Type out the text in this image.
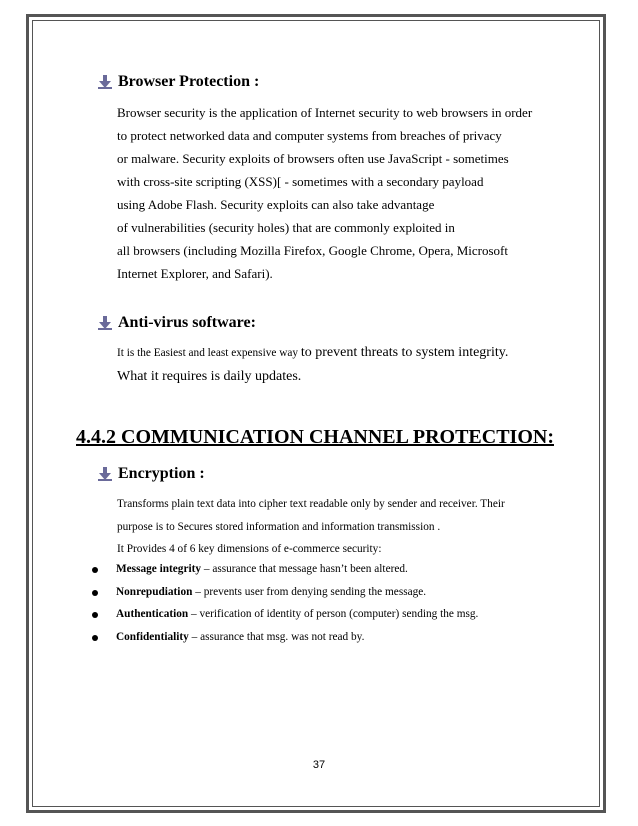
Browser Protection :
Browser security is the application of Internet security to web browsers in order
to protect networked data and computer systems from breaches of privacy
or malware. Security exploits of browsers often use JavaScript - sometimes
with cross-site scripting (XSS)[ - sometimes with a secondary payload
using Adobe Flash. Security exploits can also take advantage
of vulnerabilities (security holes) that are commonly exploited in
all browsers (including Mozilla Firefox, Google Chrome, Opera, Microsoft
Internet Explorer, and Safari).
Anti-virus software:
It is the Easiest and least expensive way to prevent threats to system integrity.
What it requires is daily updates.
4.4.2 COMMUNICATION CHANNEL PROTECTION:
Encryption :
Transforms plain text data into cipher text readable only by sender and receiver. Their
purpose is to Secures stored information and information transmission .
It Provides 4 of 6 key dimensions of e-commerce security:
Message integrity – assurance that message hasn’t been altered.
Nonrepudiation – prevents user from denying sending the message.
Authentication – verification of identity of person (computer) sending the msg.
Confidentiality – assurance that msg. was not read by.
37
